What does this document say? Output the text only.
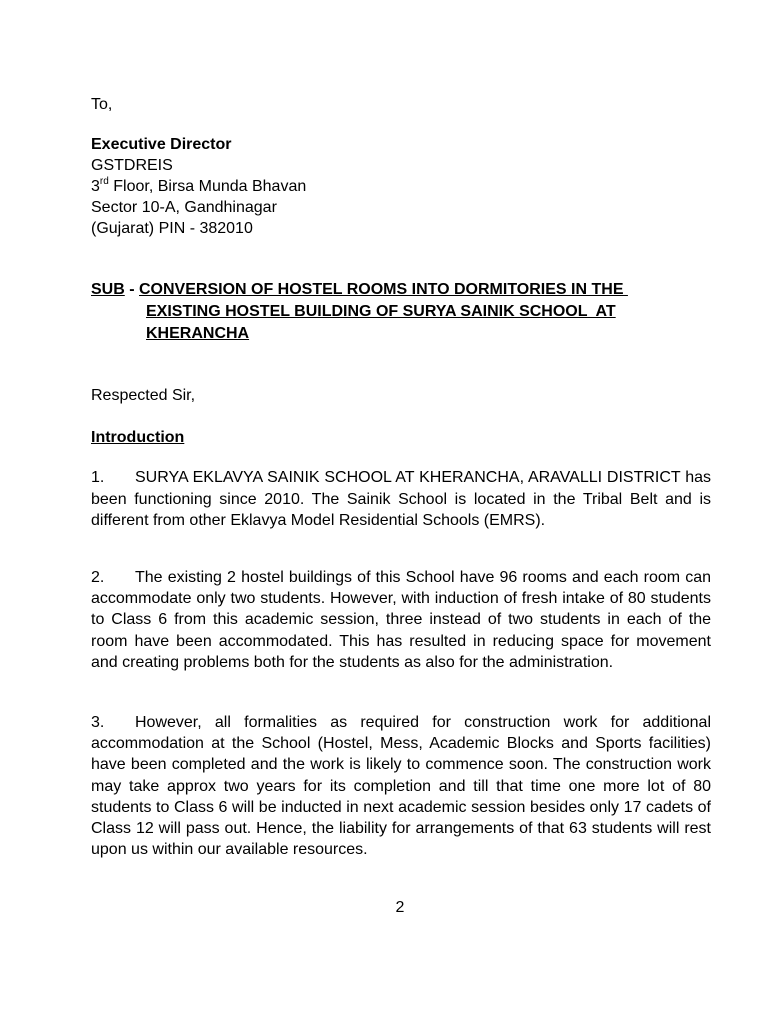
To,
Executive Director
GSTDREIS
3rd Floor, Birsa Munda Bhavan
Sector 10-A, Gandhinagar
(Gujarat) PIN - 382010
SUB - CONVERSION OF HOSTEL ROOMS INTO DORMITORIES IN THE
EXISTING HOSTEL BUILDING OF SURYA SAINIK SCHOOL  AT
KHERANCHA
Respected Sir,
Introduction
1. SURYA EKLAVYA SAINIK SCHOOL AT KHERANCHA, ARAVALLI DISTRICT has been functioning since 2010. The Sainik School is located in the Tribal Belt and is different from other Eklavya Model Residential Schools (EMRS).
2. The existing 2 hostel buildings of this School have 96 rooms and each room can accommodate only two students. However, with induction of fresh intake of 80 students to Class 6 from this academic session, three instead of two students in each of the room have been accommodated. This has resulted in reducing space for movement and creating problems both for the students as also for the administration.
3. However, all formalities as required for construction work for additional accommodation at the School (Hostel, Mess, Academic Blocks and Sports facilities) have been completed and the work is likely to commence soon. The construction work may take approx two years for its completion and till that time one more lot of 80 students to Class 6 will be inducted in next academic session besides only 17 cadets of Class 12 will pass out. Hence, the liability for arrangements of that 63 students will rest upon us within our available resources.
2
